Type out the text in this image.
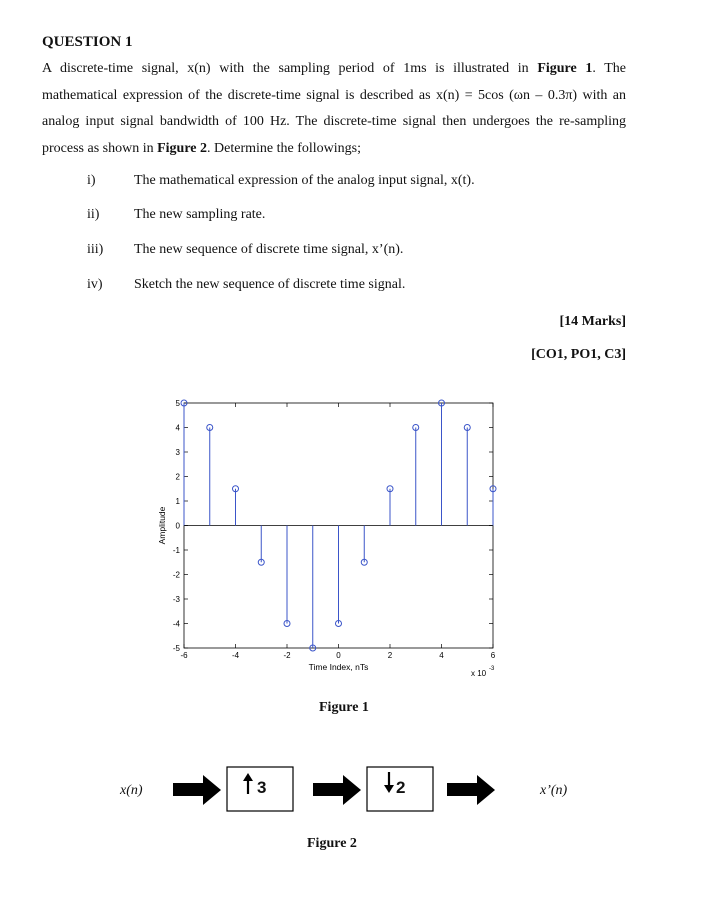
QUESTION 1
A discrete-time signal, x(n) with the sampling period of 1ms is illustrated in Figure 1. The mathematical expression of the discrete-time signal is described as x(n) = 5cos (ωn – 0.3π) with an analog input signal bandwidth of 100 Hz. The discrete-time signal then undergoes the re-sampling process as shown in Figure 2. Determine the followings;
i)	The mathematical expression of the analog input signal, x(t).
ii) The new sampling rate.
iii) The new sequence of discrete time signal, x’(n).
iv) Sketch the new sequence of discrete time signal.
[14 Marks]
[CO1, PO1, C3]
5
4
3
2
1
0
-1
-2
-3
-4
-5
-6	-4	-2	0	2	4	6
Time Index, nTs
Amplitude
x 10 -3
Figure 1
x(n)	3	2	x’(n)
Figure 2
